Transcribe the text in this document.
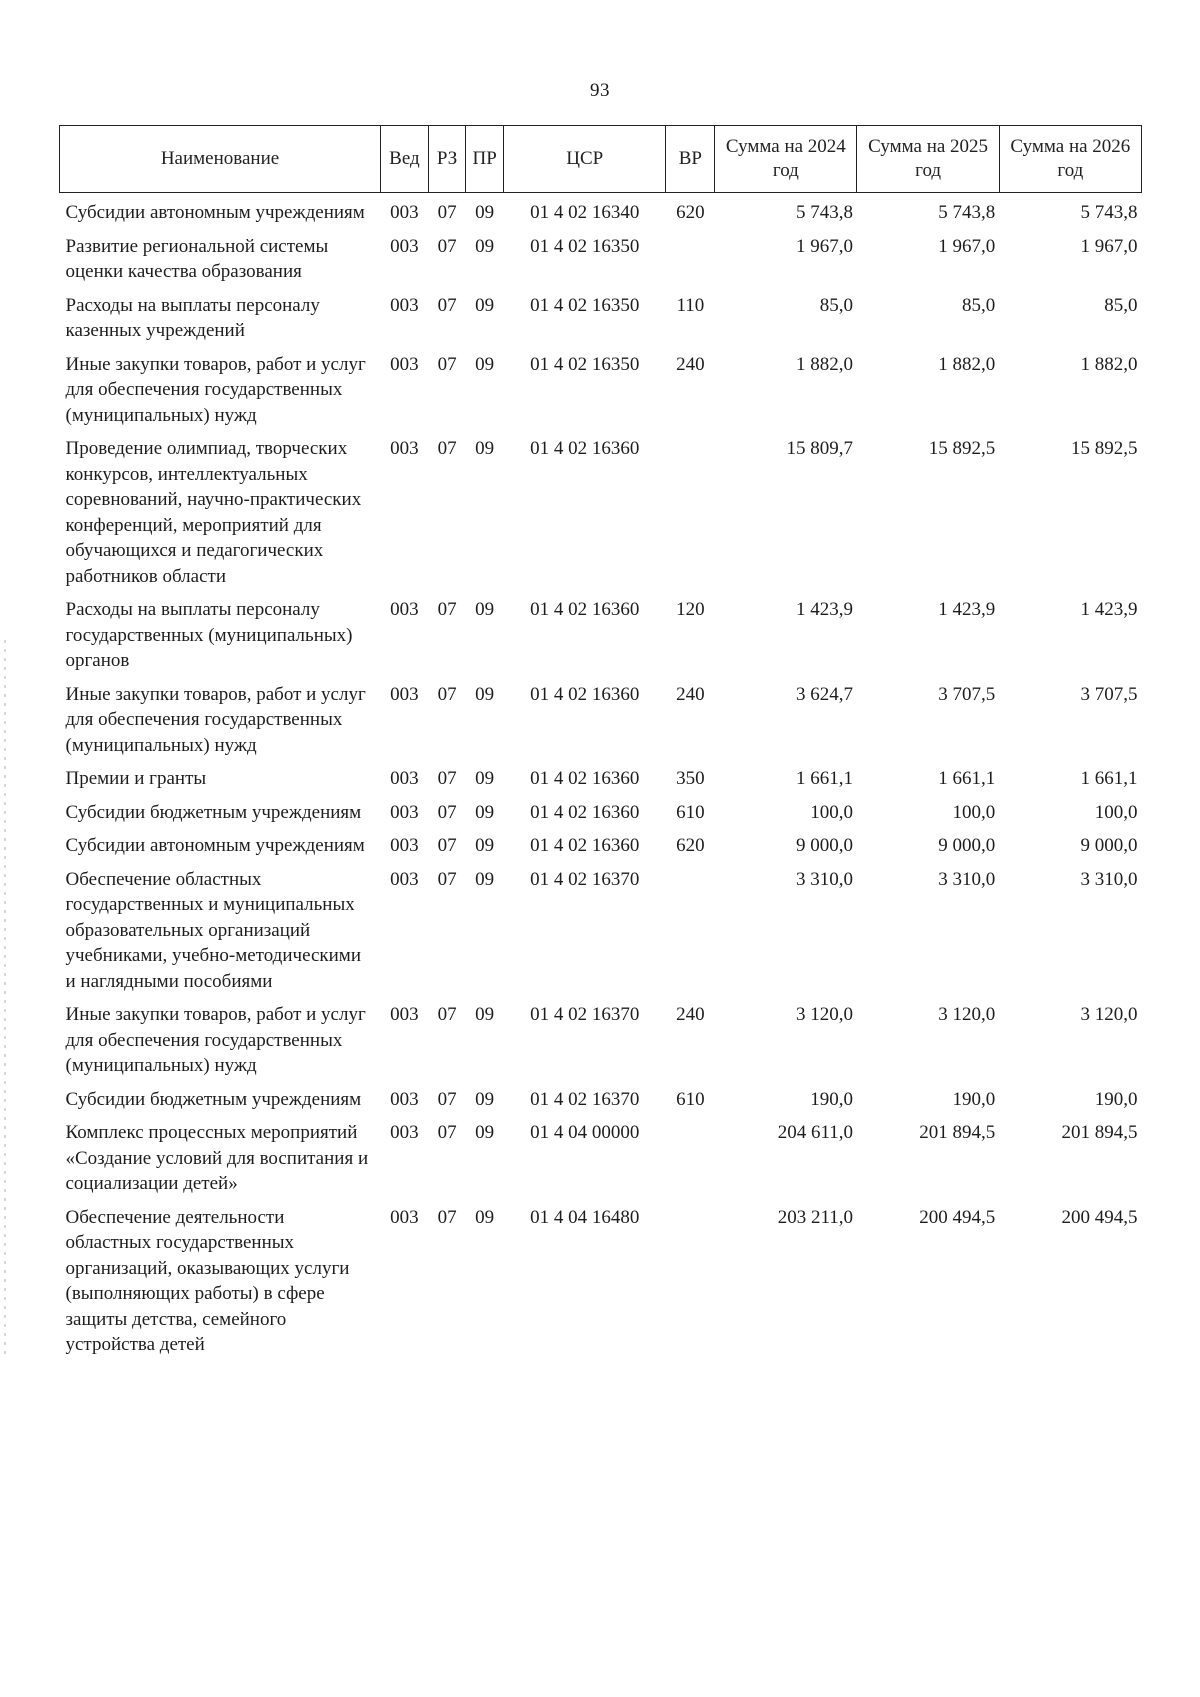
93
Наименование	Вед	РЗ	ПР	ЦСР	ВР	Сумма на 2024 год	Сумма на 2025 год	Сумма на 2026 год
Субсидии автономным учреждениям	003	07	09	01 4 02 16340	620	5 743,8	5 743,8	5 743,8
Развитие региональной системы оценки качества образования	003	07	09	01 4 02 16350		1 967,0	1 967,0	1 967,0
Расходы на выплаты персоналу казенных учреждений	003	07	09	01 4 02 16350	110	85,0	85,0	85,0
Иные закупки товаров, работ и услуг для обеспечения государственных (муниципальных) нужд	003	07	09	01 4 02 16350	240	1 882,0	1 882,0	1 882,0
Проведение олимпиад, творческих конкурсов, интеллектуальных соревнований, научно-практических конференций, мероприятий для обучающихся и педагогических работников области	003	07	09	01 4 02 16360		15 809,7	15 892,5	15 892,5
Расходы на выплаты персоналу государственных (муниципальных) органов	003	07	09	01 4 02 16360	120	1 423,9	1 423,9	1 423,9
Иные закупки товаров, работ и услуг для обеспечения государственных (муниципальных) нужд	003	07	09	01 4 02 16360	240	3 624,7	3 707,5	3 707,5
Премии и гранты	003	07	09	01 4 02 16360	350	1 661,1	1 661,1	1 661,1
Субсидии бюджетным учреждениям	003	07	09	01 4 02 16360	610	100,0	100,0	100,0
Субсидии автономным учреждениям	003	07	09	01 4 02 16360	620	9 000,0	9 000,0	9 000,0
Обеспечение областных государственных и муниципальных образовательных организаций учебниками, учебно-методическими и наглядными пособиями	003	07	09	01 4 02 16370		3 310,0	3 310,0	3 310,0
Иные закупки товаров, работ и услуг для обеспечения государственных (муниципальных) нужд	003	07	09	01 4 02 16370	240	3 120,0	3 120,0	3 120,0
Субсидии бюджетным учреждениям	003	07	09	01 4 02 16370	610	190,0	190,0	190,0
Комплекс процессных мероприятий «Создание условий для воспитания и социализации детей»	003	07	09	01 4 04 00000		204 611,0	201 894,5	201 894,5
Обеспечение деятельности областных государственных организаций, оказывающих услуги (выполняющих работы) в сфере защиты детства, семейного устройства детей	003	07	09	01 4 04 16480		203 211,0	200 494,5	200 494,5
